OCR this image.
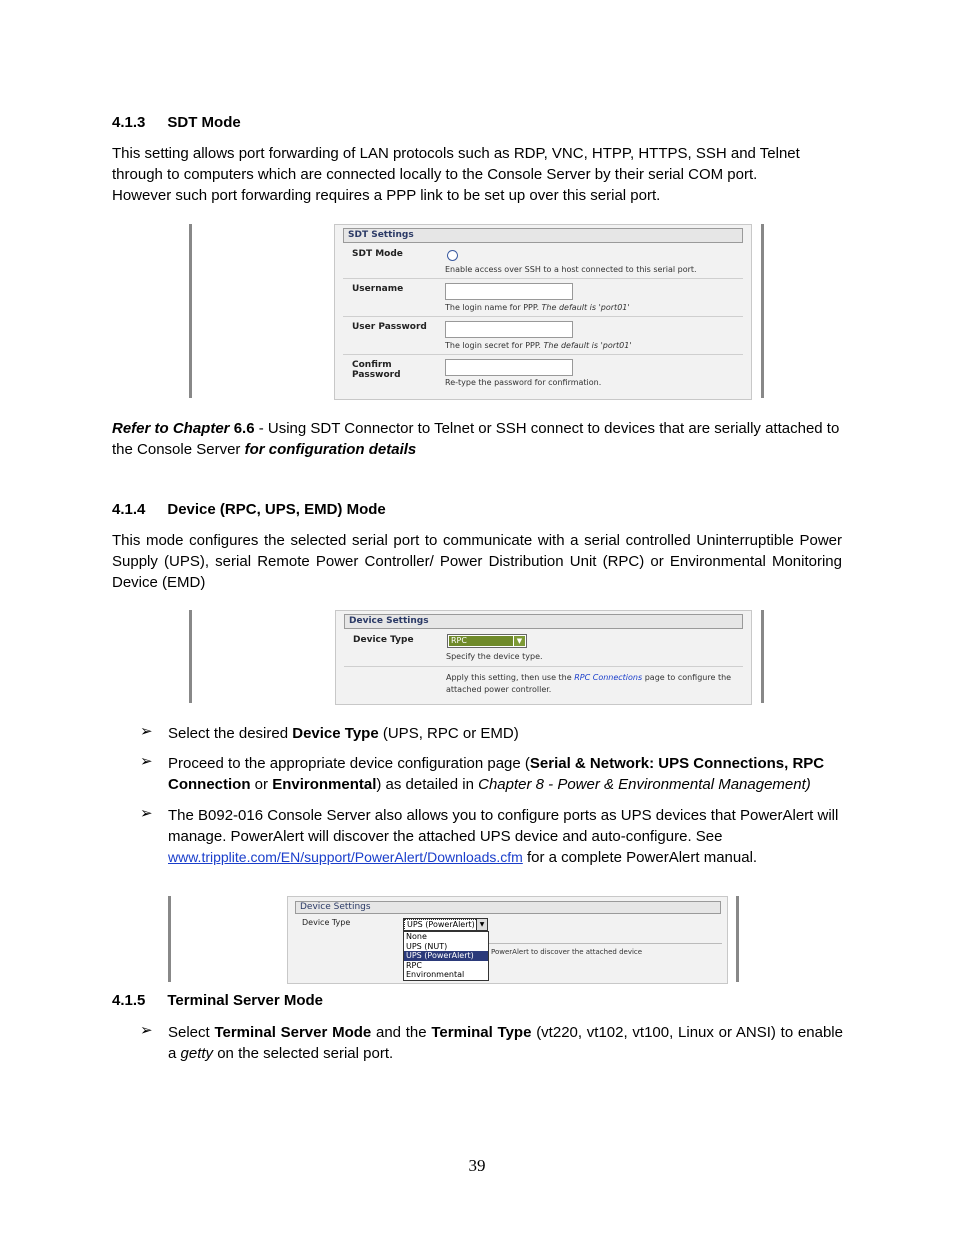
4.1.3 SDT Mode
This setting allows port forwarding of LAN protocols such as RDP, VNC, HTPP, HTTPS, SSH and Telnet through to computers which are connected locally to the Console Server by their serial COM port. However such port forwarding requires a PPP link to be set up over this serial port.
SDT Settings
SDT Mode
Enable access over SSH to a host connected to this serial port.
Username
The login name for PPP. The default is 'port01'
User Password
The login secret for PPP. The default is 'port01'
Confirm
Password
Re-type the password for confirmation.
Refer to Chapter 6.6 - Using SDT Connector to Telnet or SSH connect to devices that are serially attached to the Console Server for configuration details
4.1.4 Device (RPC, UPS, EMD) Mode
This mode configures the selected serial port to communicate with a serial controlled Uninterruptible Power Supply (UPS), serial Remote Power Controller/ Power Distribution Unit (RPC) or Environmental Monitoring Device (EMD)
Device Settings
Device Type	RPC	▼
Specify the device type.
Apply this setting, then use the RPC Connections page to configure the
attached power controller.
➢ Select the desired Device Type (UPS, RPC or EMD)
➢ Proceed to the appropriate device configuration page (Serial & Network: UPS Connections, RPC Connection or Environmental) as detailed in Chapter 8 - Power & Environmental Management)
➢ The B092-016 Console Server also allows you to configure ports as UPS devices that PowerAlert will manage. PowerAlert will discover the attached UPS device and auto-configure. See
www.tripplite.com/EN/support/PowerAlert/Downloads.cfm for a complete PowerAlert manual.
Device Settings
Device Type
PowerAlert to discover the attached device
UPS (PowerAlert) ▼
None
UPS (NUT)
UPS (PowerAlert)
RPC
Environmental
4.1.5 Terminal Server Mode
➢ Select Terminal Server Mode and the Terminal Type (vt220, vt102, vt100, Linux or ANSI) to enable a getty on the selected serial port.
39
